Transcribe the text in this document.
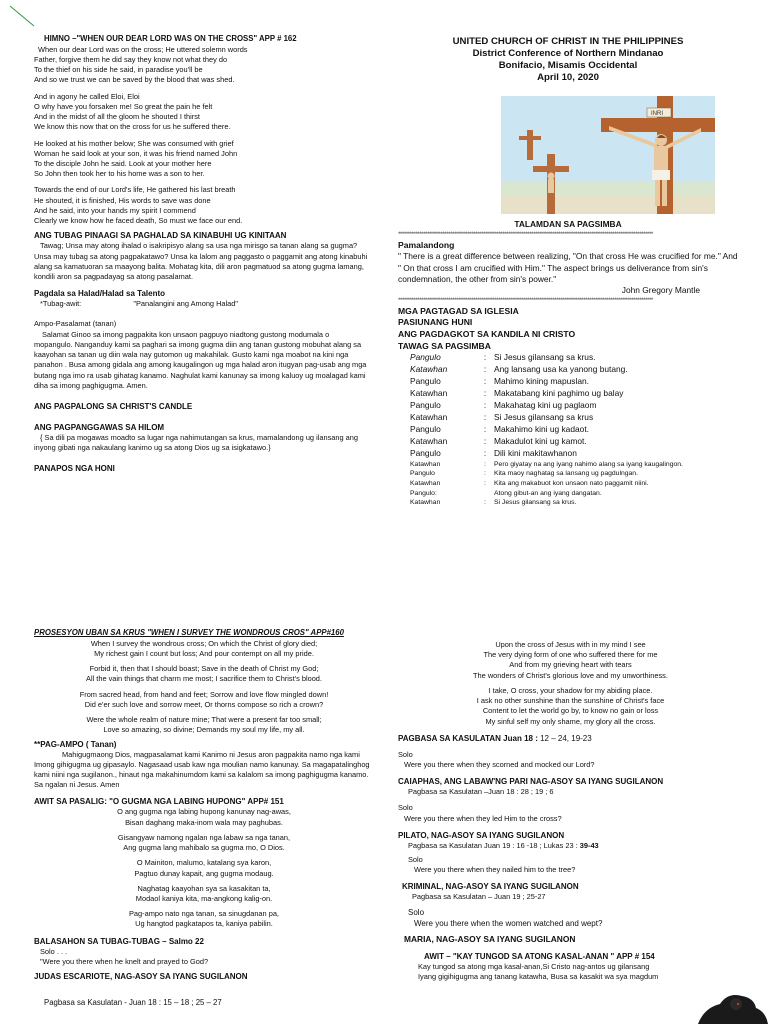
HIMNO –"WHEN OUR DEAR LORD WAS ON THE CROSS" APP # 162

When our dear Lord was on the cross; He uttered solemn words

Father, forgive them he did say they know not what they do

To the thief on his side he said, in paradise you'll be

And so we trust we can be saved by the blood that was shed.

And in agony he called Eloi, Eloi

O why have you forsaken me! So great the pain he felt

And in the midst of all the gloom he shouted I thirst

We know this now that on the cross for us he suffered there.

He looked at his mother below; She was consumed with grief

Woman he said look at your son, it was his friend named John

To the disciple John he said. Look at your mother here

So John then took her to his home was a son to her.

Towards the end of our Lord's life, He gathered his last breath

He shouted, it is finished, His words to save was done

And he said, into your hands my spirit I commend

Clearly we know how he faced death, So must we face our end.

ANG TUBAG PINAAGI SA PAGHALAD SA KINABUHI UG KINITAAN

Tawag; Unsa may atong ihalad o isakripisyo alang sa usa nga mirisgo sa tanan alang sa gugma? Unsa may tubag sa atong pagpakatawo? Unsa ka lalom ang paggasto o paggamit ang atong kinabuhi alang sa kamatuoran sa maayong balita. Mohatag kita, dili aron pagmatuod sa atong gugma lamang, kondili aron sa pagpadayag sa atong pasalamat.

Pagdala sa Halad/Halad sa Talento

*Tubag-awit:	"Panalangini ang Among Halad"

Ampo-Pasalamat (tanan)

Salamat Ginoo sa imong pagpakita kon unsaon pagpuyo niadtong gustong modumala o mopangulo. Nanganduy kami sa paghari sa imong gugma diin ang tanan gustong mobuhat alang sa kaayohan sa tanan ug diin wala nay gutomon ug makahilak. Gusto kami nga moabot na kini nga panahon . Busa among gidala ang among kaugalingon ug mga halad aron itugyan pag-usab ang mga butang nga imo ra usab gihatag kanamo. Naghulat kami kanunay sa imong kaluoy ug moalagad kami diha sa imong paghigugma. Amen.

ANG PAGPALONG SA CHRIST'S CANDLE

ANG PAGPANGGAWAS SA HILOM

{ Sa dili pa mogawas moadto sa lugar nga nahimutangan sa krus, mamalandong ug ilansang ang inyong gibati nga nakaulang kanimo ug sa atong Dios ug sa isigkatawo.}

PANAPOS NGA HONI

UNITED CHURCH OF CHRIST IN THE PHILIPPINES

District Conference of Northern Mindanao

Bonifacio, Misamis Occidental

April 10, 2020

INRI

TALAMDAN SA PAGSIMBA

************************************************************************************************************************************

Pamalandong

" There is a great difference between realizing, "On that cross He was crucified for me." And " On that cross I am crucified with Him." The aspect brings us deliverance from sin's condemnation, the other from sin's power."

John Gregory Mantle

************************************************************************************************************************************

MGA PAGTAGAD SA IGLESIA

PASIUNANG HUNI

ANG PAGDAGKOT SA KANDILA NI CRISTO

TAWAG SA PAGSIMBA

Pangulo	:	Si Jesus gilansang sa krus.
Katawhan	:	Ang lansang usa ka yanong butang.
Pangulo	:	Mahimo kining mapuslan.
Katawhan	:	Makatabang kini paghimo ug balay
Pangulo	:	Makahatag kini ug paglaom
Katawhan	:	Si Jesus gilansang sa krus
Pangulo	:	Makahimo kini ug kadaot.
Katawhan	:	Makadulot kini ug kamot.
Pangulo	:	Dili kini makitawhanon
Katawhan	:	Pero giyatay na ang iyang nahimo alang sa iyang kaugalingon.
Pangulo	:	Kita maoy naghatag sa lansang ug pagdulngan.
Katawhan	:	Kita ang makabuot kon unsaon nato paggamit niini.
Pangulo:		Atong gibut-an ang iyang dangatan.
Katawhan	:	Si Jesus gilansang sa krus.

PROSESYON UBAN SA KRUS "WHEN I SURVEY THE WONDROUS CROS" APP#160

When I survey the wondrous cross; On which the Christ of glory died;

My richest gain I count but loss; And pour contempt on all my pride.

Forbid it, then that I should boast; Save in the death of Christ my God;

All the vain things that charm me most; I sacrifice them to Christ's blood.

From sacred head, from hand and feet; Sorrow and love flow mingled down!

Did e'er such love and sorrow meet, Or thorns compose so rich a crown?

Were the whole realm of nature mine; That were a present far too small;

Love so amazing, so divine; Demands my soul my life, my all.

**PAG-AMPO ( Tanan)

Mahigugmaong Dios, magpasalamat kami Kanimo ni Jesus aron pagpakita namo nga kami Imong gihigugma ug gipasaylo. Nagasaad usab kaw nga moulian namo kanunay. Sa magapatalinghog kami niini nga sugilanon., hinaut nga makahinumdom kami sa kalalom sa imong paghigugma kanamo. Sa ngalan ni Jesus. Amen

AWIT SA PASALIG: "O GUGMA NGA LABING HUPONG" APP# 151

O ang gugma nga labing hupong kanunay nag-awas,

Bisan daghang maka-inom wala may paghubas.

Gisangyaw namong ngalan nga labaw sa nga tanan,

Ang gugma lang mahibalo sa gugma mo, O Dios.

O Mainiton, malumo, katalang sya karon,

Pagtuo dunay kapait, ang gugma modaug.

Naghatag kaayohan sya sa kasakitan ta,

Modaol kaniya kita, ma-angkong kalig-on.

Pag-ampo nato nga tanan, sa sinugdanan pa,

Ug hangtod pagkatapos ta, kaniya pabilin.

BALASAHON SA TUBAG-TUBAG – Salmo 22

Solo . . .

"Were you there when he knelt and prayed to God?

JUDAS ESCARIOTE, NAG-ASOY SA IYANG SUGILANON

Pagbasa sa Kasulatan - Juan 18 : 15 – 18 ; 25 – 27

Upon the cross of Jesus with in my mind I see

The very dying form of one who suffered there for me

And from my grieving heart with tears

The wonders of Christ's glorious love and my unworthiness.

I take, O cross, your shadow for my abiding place.

I ask no other sunshine than the sunshine of Christ's face

Content to let the world go by, to know no gain or loss

My sinful self my only shame, my glory all the cross.

PAGBASA SA KASULATAN Juan 18 : 12 – 24, 19-23

Solo

Were you there when they scorned and mocked our Lord?

CAIAPHAS, ANG LABAW'NG PARI NAG-ASOY SA IYANG SUGILANON

Pagbasa sa Kasulatan –Juan 18 : 28 ; 19 ; 6

Solo

Were you there when they led Him to the cross?

PILATO, NAG-ASOY SA IYANG SUGILANON

Pagbasa sa Kasulatan Juan 19 : 16 -18 ; Lukas 23 : 39-43

Solo

Were you there when they nailed him to the tree?

KRIMINAL, NAG-ASOY SA IYANG SUGILANON

Pagbasa sa Kasulatan – Juan 19 ; 25-27

Solo

Were you there when the women watched and wept?

MARIA, NAG-ASOY SA IYANG SUGILANON

AWIT – "KAY TUNGOD SA ATONG KASAL-ANAN " APP # 154

Kay tungod sa atong mga kasal-anan,Si Cristo nag-antos ug gilansang

Iyang gigihigugma ang tanang katawha, Busa sa kasakit wa sya magdum
